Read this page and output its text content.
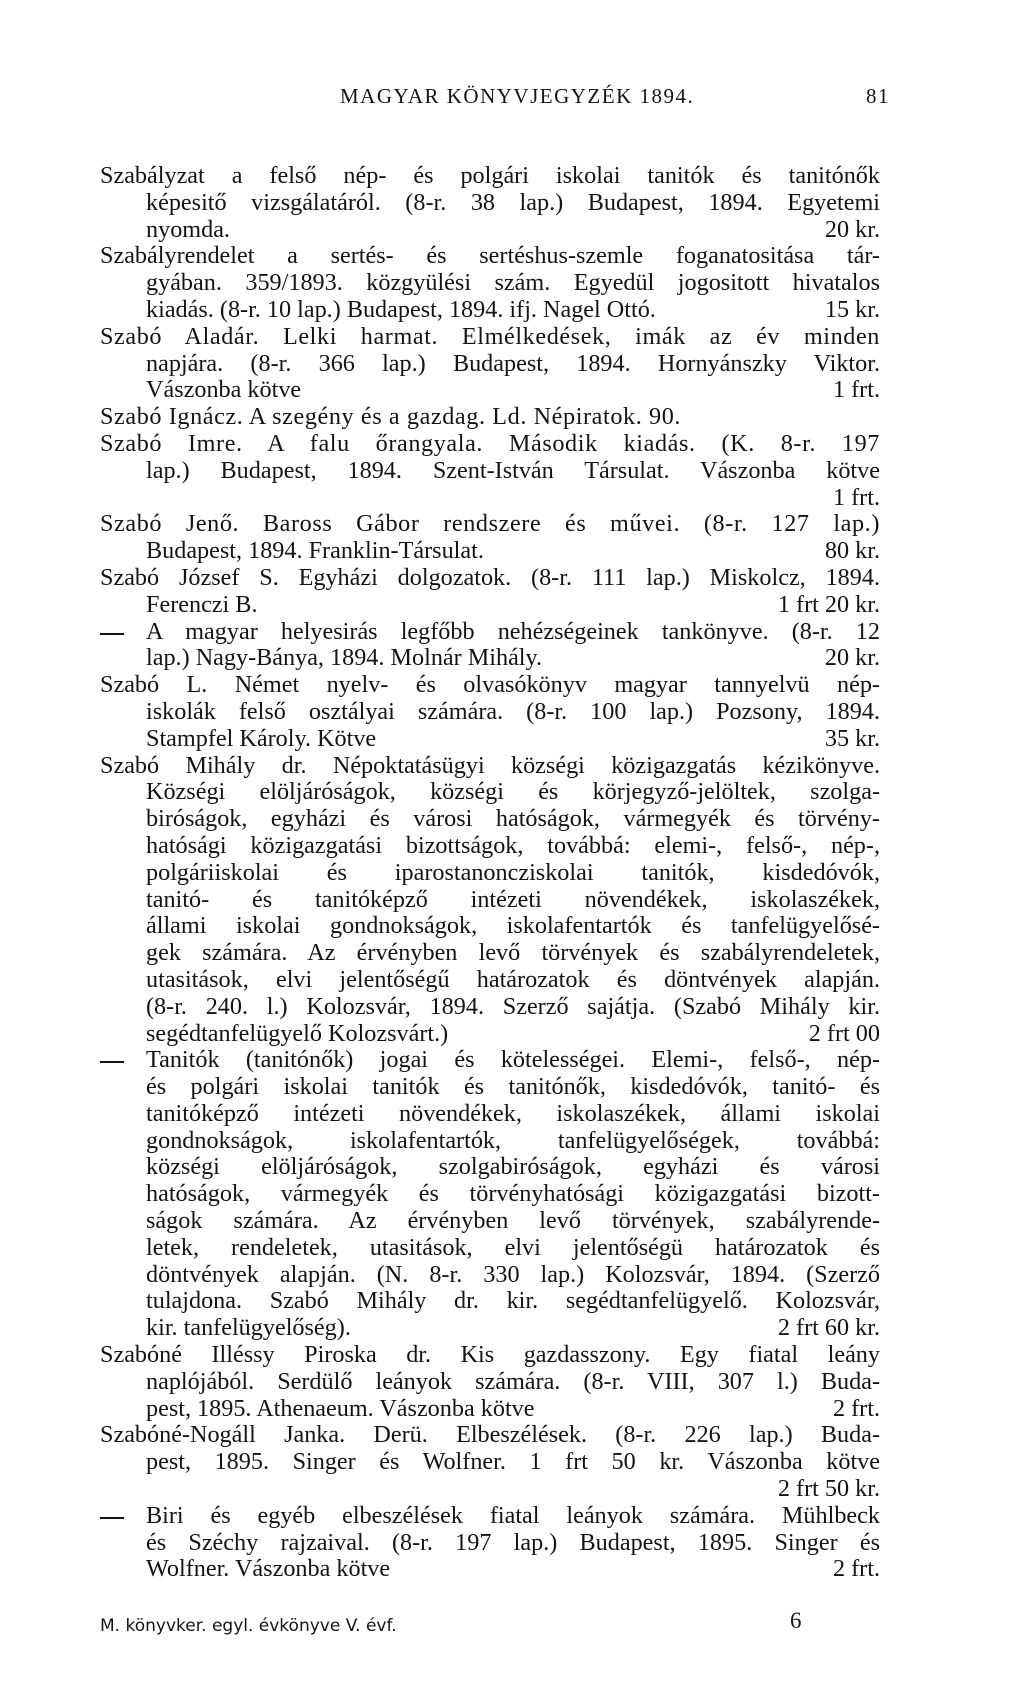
MAGYAR KÖNYVJEGYZÉK 1894.	81
Szabályzat a felső nép- és polgári iskolai tanitók és tanitónők
képesitő vizsgálatáról. (8-r. 38 lap.) Budapest, 1894. Egyetemi
nyomda.	20 kr.
Szabályrendelet a sertés- és sertéshus-szemle foganatositása tár-
gyában. 359/1893. közgyülési szám. Egyedül jogositott hivatalos
kiadás. (8-r. 10 lap.) Budapest, 1894. ifj. Nagel Ottó.	15 kr.
Szabó Aladár. Lelki harmat. Elmélkedések, imák az év minden
napjára. (8-r. 366 lap.) Budapest, 1894. Hornyánszky Viktor.
Vászonba kötve	1 frt.
Szabó Ignácz. A szegény és a gazdag. Ld. Népiratok. 90.
Szabó Imre. A falu őrangyala. Második kiadás. (K. 8-r. 197
lap.) Budapest, 1894. Szent-István Társulat. Vászonba kötve
1 frt.
Szabó Jenő. Baross Gábor rendszere és művei. (8-r. 127 lap.)
Budapest, 1894. Franklin-Társulat.	80 kr.
Szabó József S. Egyházi dolgozatok. (8-r. 111 lap.) Miskolcz, 1894.
Ferenczi B.	1 frt 20 kr.
A magyar helyesirás legfőbb nehézségeinek tankönyve. (8-r. 12
lap.) Nagy-Bánya, 1894. Molnár Mihály.	20 kr.
Szabó L. Német nyelv- és olvasókönyv magyar tannyelvü nép-
iskolák felső osztályai számára. (8-r. 100 lap.) Pozsony, 1894.
Stampfel Károly. Kötve	35 kr.
Szabó Mihály dr. Népoktatásügyi községi közigazgatás kézikönyve.
Községi elöljáróságok, községi és körjegyző-jelöltek, szolga-
biróságok, egyházi és városi hatóságok, vármegyék és törvény-
hatósági közigazgatási bizottságok, továbbá: elemi-, felső-, nép-,
polgáriiskolai és iparostanoncziskolai tanitók, kisdedóvók,
tanitó- és tanitóképző intézeti növendékek, iskolaszékek,
állami iskolai gondnokságok, iskolafentartók és tanfelügyelősé-
gek számára. Az érvényben levő törvények és szabályrendeletek,
utasitások, elvi jelentőségű határozatok és döntvények alapján.
(8-r. 240. l.) Kolozsvár, 1894. Szerző sajátja. (Szabó Mihály kir.
segédtanfelügyelő Kolozsvárt.)	2 frt 00
Tanitók (tanitónők) jogai és kötelességei. Elemi-, felső-, nép-
és polgári iskolai tanitók és tanitónők, kisdedóvók, tanitó- és
tanitóképző intézeti növendékek, iskolaszékek, állami iskolai
gondnokságok, iskolafentartók, tanfelügyelőségek, továbbá:
községi elöljáróságok, szolgabiróságok, egyházi és városi
hatóságok, vármegyék és törvényhatósági közigazgatási bizott-
ságok számára. Az érvényben levő törvények, szabályrende-
letek, rendeletek, utasitások, elvi jelentőségü határozatok és
döntvények alapján. (N. 8-r. 330 lap.) Kolozsvár, 1894. (Szerző
tulajdona. Szabó Mihály dr. kir. segédtanfelügyelő. Kolozsvár,
kir. tanfelügyelőség).	2 frt 60 kr.
Szabóné Illéssy Piroska dr. Kis gazdasszony. Egy fiatal leány
naplójából. Serdülő leányok számára. (8-r. VIII, 307 l.) Buda-
pest, 1895. Athenaeum. Vászonba kötve	2 frt.
Szabóné-Nogáll Janka. Derü. Elbeszélések. (8-r. 226 lap.) Buda-
pest, 1895. Singer és Wolfner. 1 frt 50 kr. Vászonba kötve
2 frt 50 kr.
Biri és egyéb elbeszélések fiatal leányok számára. Mühlbeck
és Széchy rajzaival. (8-r. 197 lap.) Budapest, 1895. Singer és
Wolfner. Vászonba kötve	2 frt.
M. könyvker. egyl. évkönyve V. évf.	6
